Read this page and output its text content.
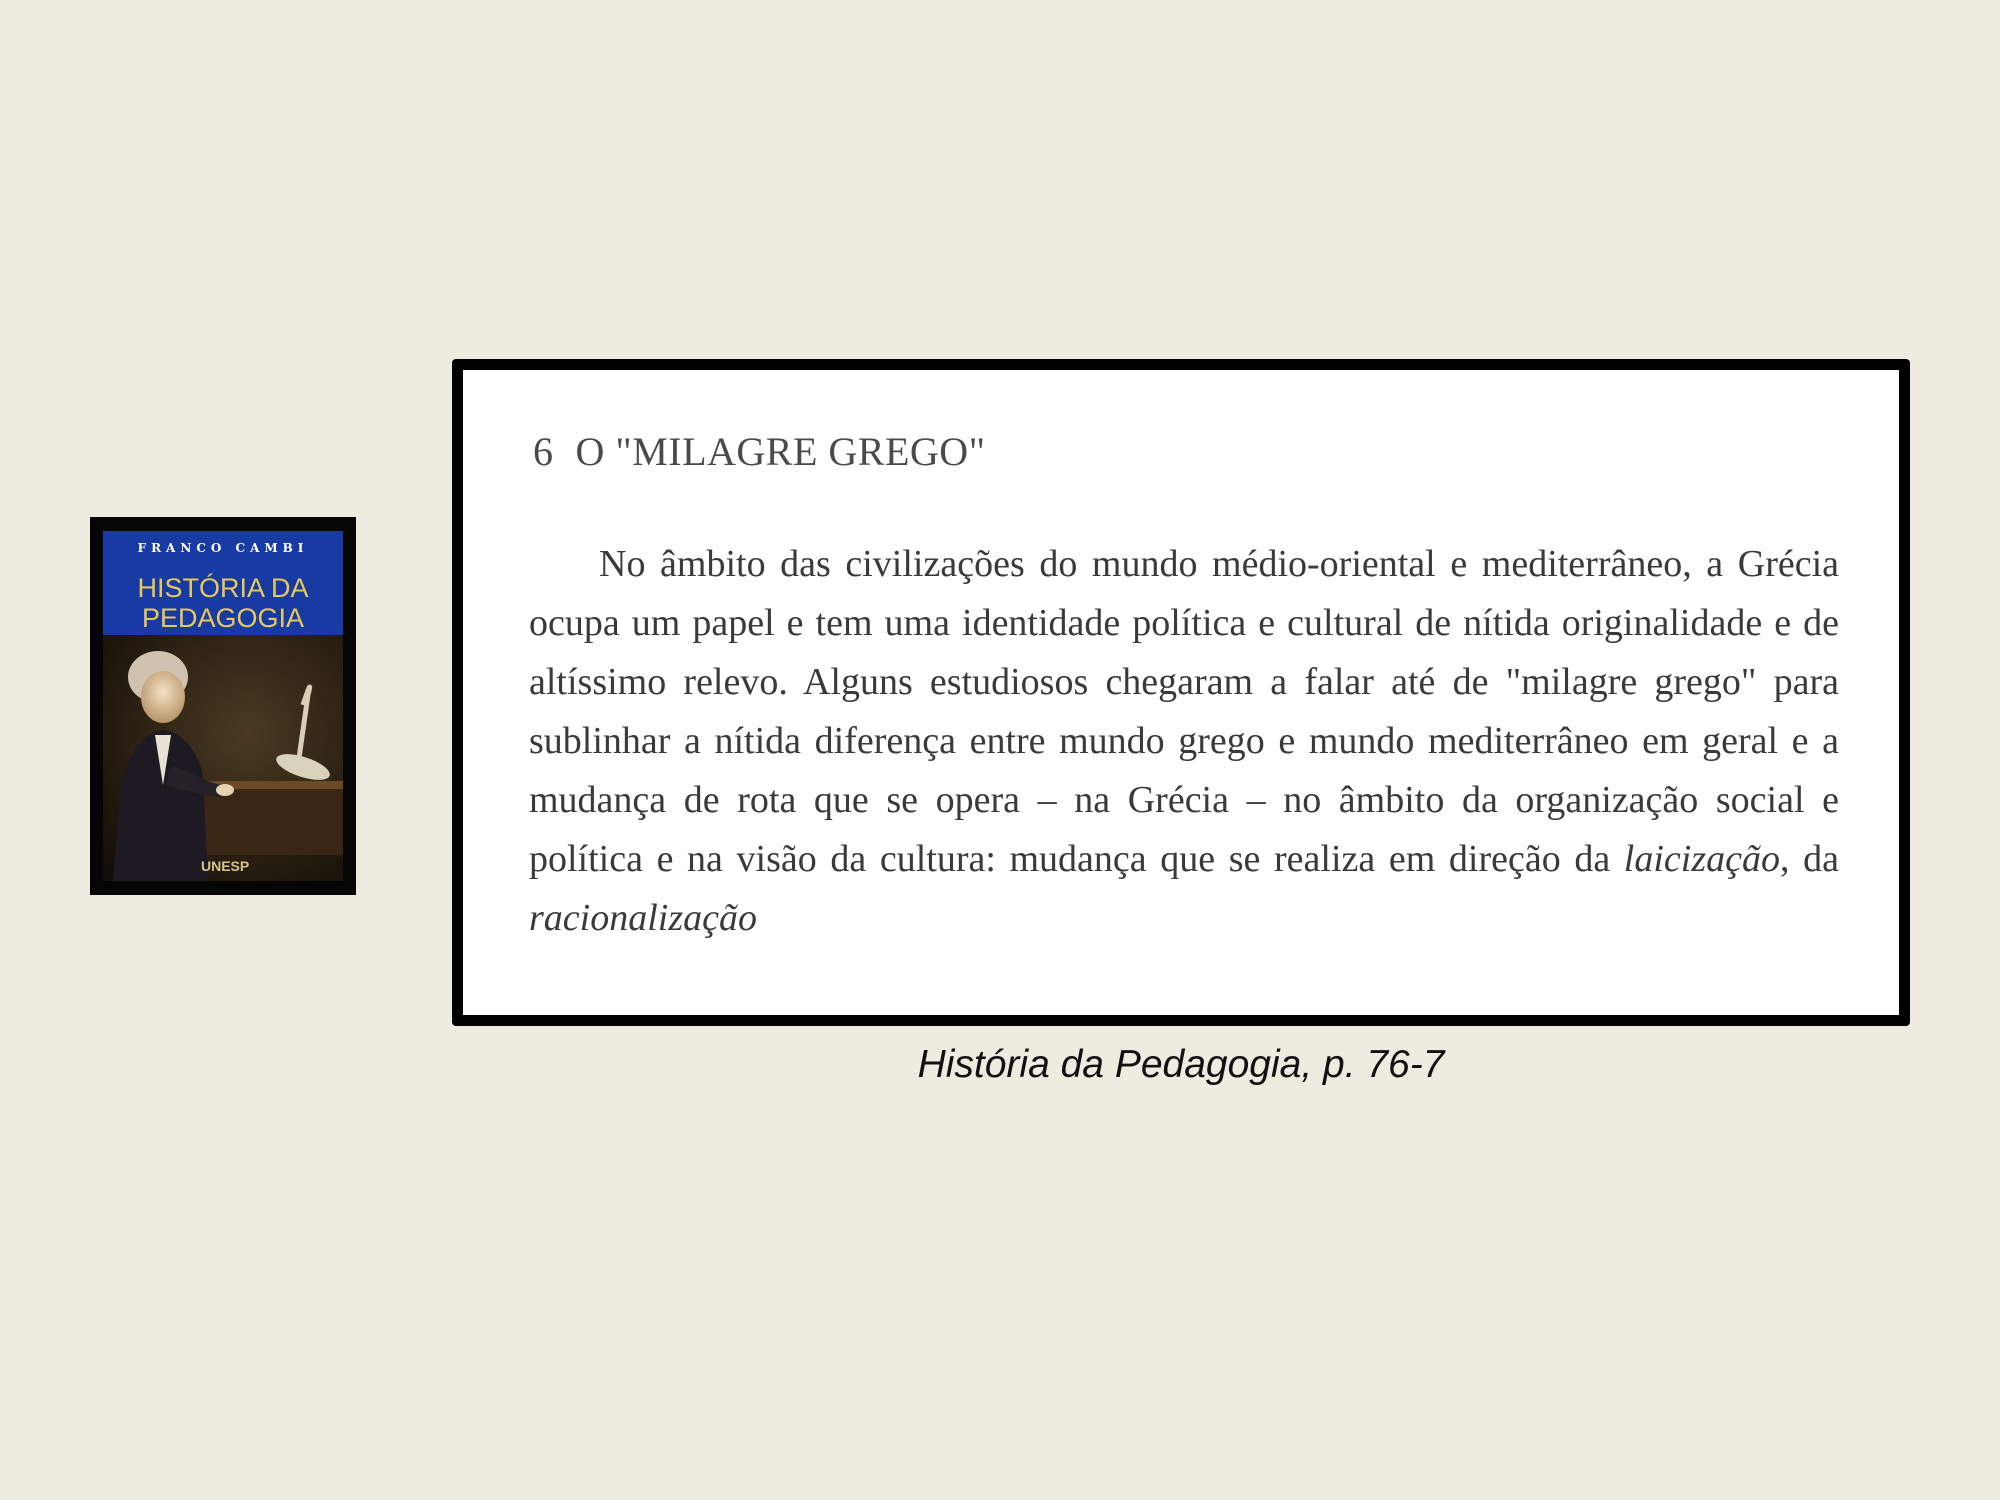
FRANCO CAMBI
HISTÓRIA DA
PEDAGOGIA
UNESP
6 O "MILAGRE GREGO"

No âmbito das civilizações do mundo médio-oriental e mediterrâneo, a Grécia ocupa um papel e tem uma identidade política e cultural de nítida originalidade e de altíssimo relevo. Alguns estudiosos chegaram a falar até de "milagre grego" para sublinhar a nítida diferença entre mundo grego e mundo mediterrâneo em geral e a mudança de rota que se opera – na Grécia – no âmbito da organização social e política e na visão da cultura: mudança que se realiza em direção da laicização, da racionalização

História da Pedagogia, p. 76-7
